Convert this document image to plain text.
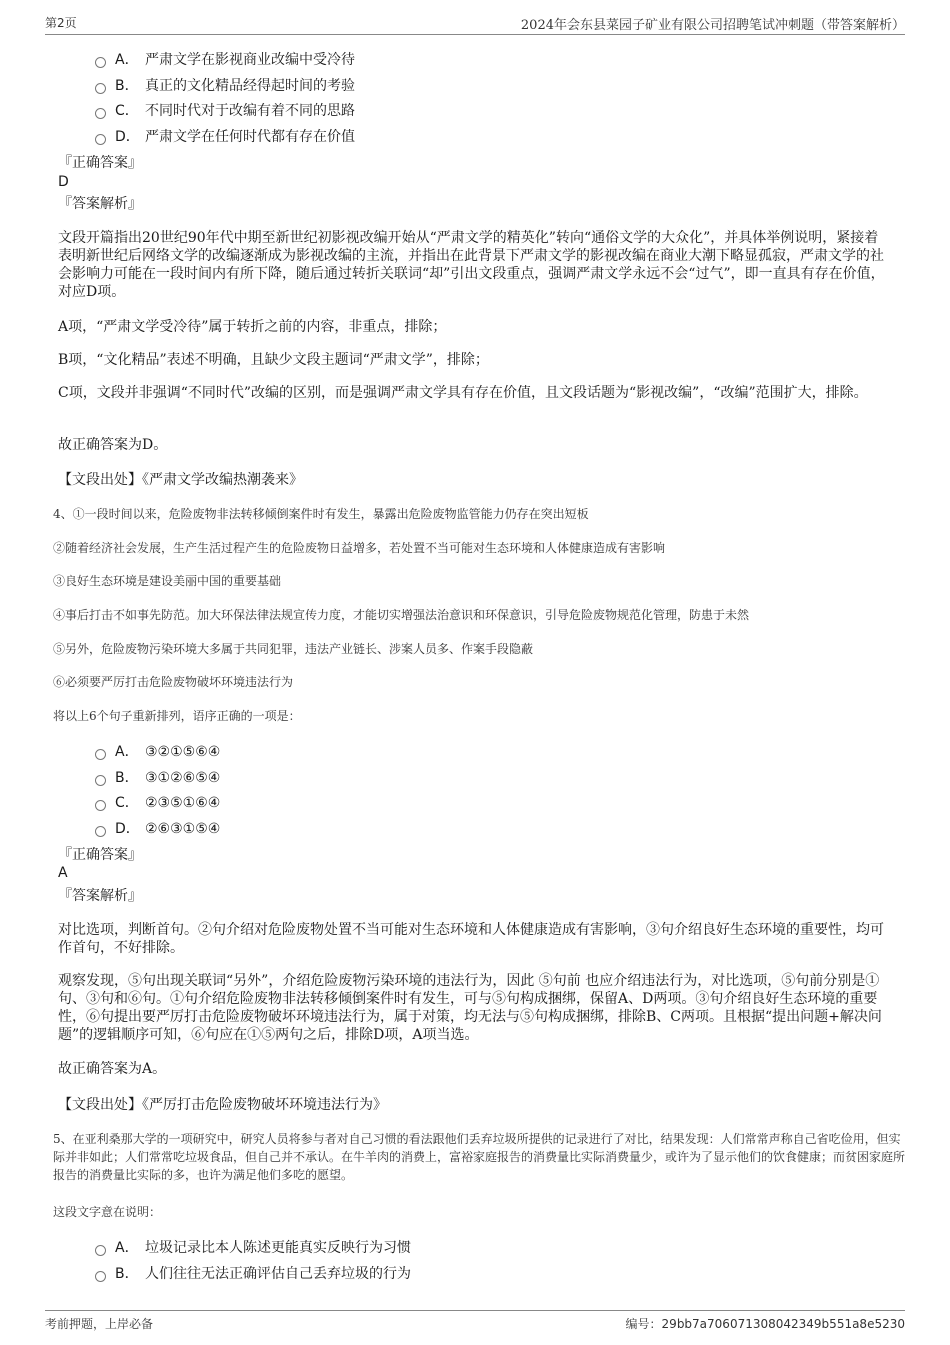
第2页	2024年会东县菜园子矿业有限公司招聘笔试冲刺题（带答案解析）
A． 严肃文学在影视商业改编中受冷待
B． 真正的文化精品经得起时间的考验
C． 不同时代对于改编有着不同的思路
D． 严肃文学在任何时代都有存在价值
『正确答案』
D
『答案解析』
文段开篇指出20世纪90年代中期至新世纪初影视改编开始从“严肃文学的精英化”转向“通俗文学的大众化”，并具体举例说明，紧接着表明新世纪后网络文学的改编逐渐成为影视改编的主流，并指出在此背景下严肃文学的影视改编在商业大潮下略显孤寂，严肃文学的社会影响力可能在一段时间内有所下降，随后通过转折关联词“却”引出文段重点，强调严肃文学永远不会“过气”，即一直具有存在价值，对应D项。
A项，“严肃文学受冷待”属于转折之前的内容，非重点，排除；
B项，“文化精品”表述不明确，且缺少文段主题词“严肃文学”，排除；
C项，文段并非强调“不同时代”改编的区别，而是强调严肃文学具有存在价值，且文段话题为“影视改编”，“改编”范围扩大，排除。
故正确答案为D。
【文段出处】《严肃文学改编热潮袭来》
4、①一段时间以来，危险废物非法转移倾倒案件时有发生，暴露出危险废物监管能力仍存在突出短板
②随着经济社会发展，生产生活过程产生的危险废物日益增多，若处置不当可能对生态环境和人体健康造成有害影响
③良好生态环境是建设美丽中国的重要基础
④事后打击不如事先防范。加大环保法律法规宣传力度，才能切实增强法治意识和环保意识，引导危险废物规范化管理，防患于未然
⑤另外，危险废物污染环境大多属于共同犯罪，违法产业链长、涉案人员多、作案手段隐蔽
⑥必须要严厉打击危险废物破坏环境违法行为
将以上6个句子重新排列，语序正确的一项是：
A． ③②①⑤⑥④
B． ③①②⑥⑤④
C． ②③⑤①⑥④
D． ②⑥③①⑤④
『正确答案』
A
『答案解析』
对比选项，判断首句。②句介绍对危险废物处置不当可能对生态环境和人体健康造成有害影响，③句介绍良好生态环境的重要性，均可作首句，不好排除。
观察发现，⑤句出现关联词“另外”，介绍危险废物污染环境的违法行为，因此 ⑤句前 也应介绍违法行为，对比选项，⑤句前分别是①句、③句和⑥句。①句介绍危险废物非法转移倾倒案件时有发生，可与⑤句构成捆绑，保留A、D两项。③句介绍良好生态环境的重要性，⑥句提出要严厉打击危险废物破坏环境违法行为，属于对策，均无法与⑤句构成捆绑，排除B、C两项。且根据“提出问题+解决问题”的逻辑顺序可知，⑥句应在①⑤两句之后，排除D项，A项当选。
故正确答案为A。
【文段出处】《严厉打击危险废物破坏环境违法行为》
5、在亚利桑那大学的一项研究中，研究人员将参与者对自己习惯的看法跟他们丢弃垃圾所提供的记录进行了对比，结果发现：人们常常声称自己省吃俭用，但实际并非如此；人们常常吃垃圾食品，但自己并不承认。在牛羊肉的消费上，富裕家庭报告的消费量比实际消费量少，或许为了显示他们的饮食健康；而贫困家庭所报告的消费量比实际的多，也许为满足他们多吃的愿望。
这段文字意在说明：
A． 垃圾记录比本人陈述更能真实反映行为习惯
B． 人们往往无法正确评估自己丢弃垃圾的行为
考前押题，上岸必备	编号：29bb7a706071308042349b551a8e5230
